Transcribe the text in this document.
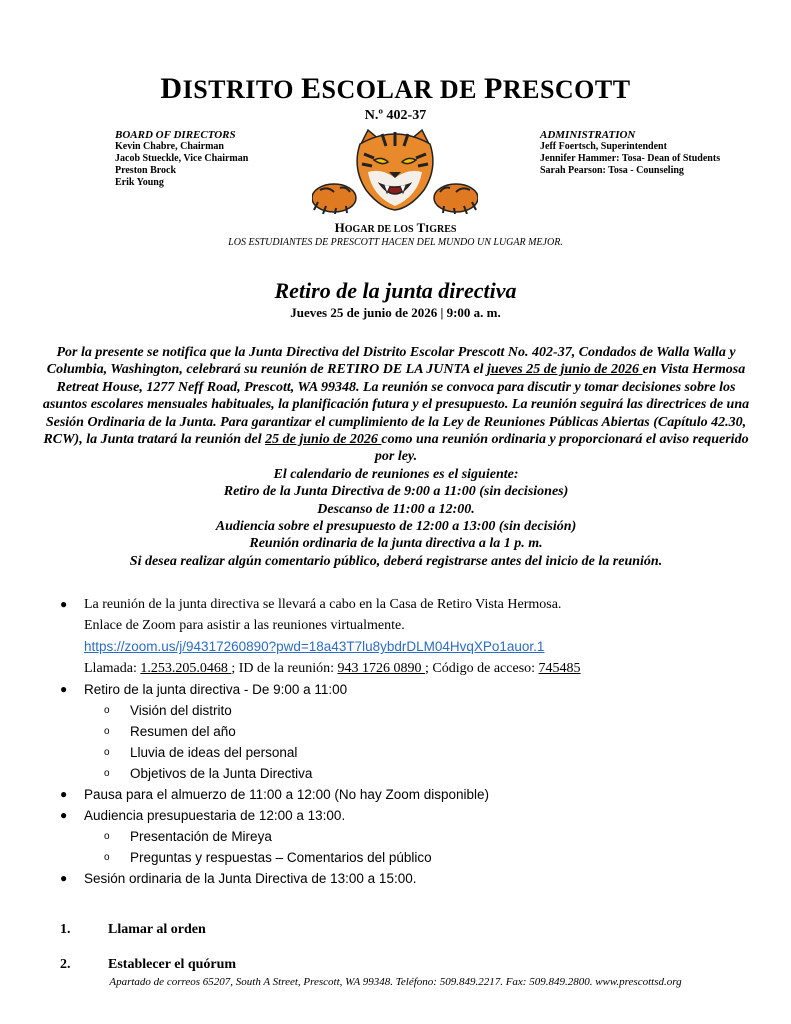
DISTRITO ESCOLAR DE PRESCOTT
N.º 402-37
BOARD OF DIRECTORS
Kevin Chabre, Chairman
Jacob Stueckle, Vice Chairman
Preston Brock
Erik Young
ADMINISTRATION
Jeff Foertsch, Superintendent
Jennifer Hammer: Tosa- Dean of Students
Sarah Pearson: Tosa - Counseling
HOGAR DE LOS TIGRES
LOS ESTUDIANTES DE PRESCOTT HACEN DEL MUNDO UN LUGAR MEJOR.
Retiro de la junta directiva
Jueves 25 de junio de 2026 | 9:00 a. m.
Por la presente se notifica que la Junta Directiva del Distrito Escolar Prescott No. 402-37, Condados de Walla Walla y Columbia, Washington, celebrará su reunión de RETIRO DE LA JUNTA el jueves 25 de junio de 2026 en Vista Hermosa Retreat House, 1277 Neff Road, Prescott, WA 99348. La reunión se convoca para discutir y tomar decisiones sobre los asuntos escolares mensuales habituales, la planificación futura y el presupuesto. La reunión seguirá las directrices de una Sesión Ordinaria de la Junta. Para garantizar el cumplimiento de la Ley de Reuniones Públicas Abiertas (Capítulo 42.30, RCW), la Junta tratará la reunión del 25 de junio de 2026 como una reunión ordinaria y proporcionará el aviso requerido por ley.
El calendario de reuniones es el siguiente:
Retiro de la Junta Directiva de 9:00 a 11:00 (sin decisiones)
Descanso de 11:00 a 12:00.
Audiencia sobre el presupuesto de 12:00 a 13:00 (sin decisión)
Reunión ordinaria de la junta directiva a la 1 p. m.
Si desea realizar algún comentario público, deberá registrarse antes del inicio de la reunión.
●	La reunión de la junta directiva se llevará a cabo en la Casa de Retiro Vista Hermosa.
Enlace de Zoom para asistir a las reuniones virtualmente.
https://zoom.us/j/94317260890?pwd=18a43T7lu8ybdrDLM04HvqXPo1auor.1
Llamada: 1.253.205.0468 ; ID de la reunión: 943 1726 0890 ; Código de acceso: 745485
●	Retiro de la junta directiva - De 9:00 a 11:00
o	Visión del distrito
o	Resumen del año
o	Lluvia de ideas del personal
o	Objetivos de la Junta Directiva
●	Pausa para el almuerzo de 11:00 a 12:00 (No hay Zoom disponible)
●	Audiencia presupuestaria de 12:00 a 13:00.
o	Presentación de Mireya
o	Preguntas y respuestas – Comentarios del público
●	Sesión ordinaria de la Junta Directiva de 13:00 a 15:00.
1.	Llamar al orden
2.	Establecer el quórum
Apartado de correos 65207, South A Street, Prescott, WA 99348. Teléfono: 509.849.2217. Fax: 509.849.2800. www.prescottsd.org
